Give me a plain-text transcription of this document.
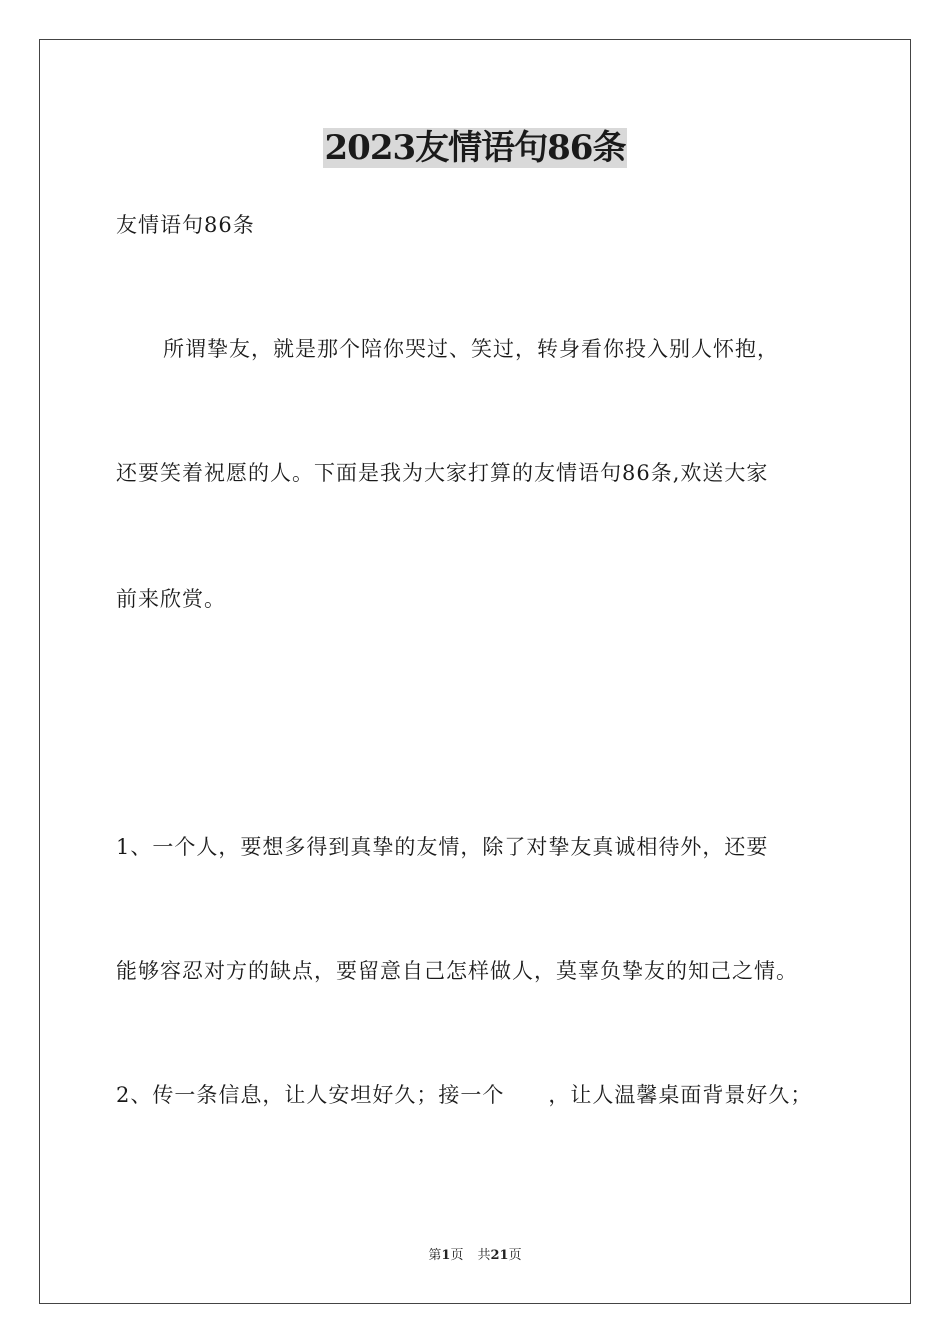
2023友情语句86条

友情语句86条

所谓挚友，就是那个陪你哭过、笑过，转身看你投入别人怀抱，

还要笑着祝愿的人。下面是我为大家打算的友情语句86条,欢送大家

前来欣赏。

1、一个人，要想多得到真挚的友情，除了对挚友真诚相待外，还要

能够容忍对方的缺点，要留意自己怎样做人，莫辜负挚友的知己之情。

2、传一条信息，让人安坦好久；接一个　　，让人温馨桌面背景好久；

第1页 共21页
